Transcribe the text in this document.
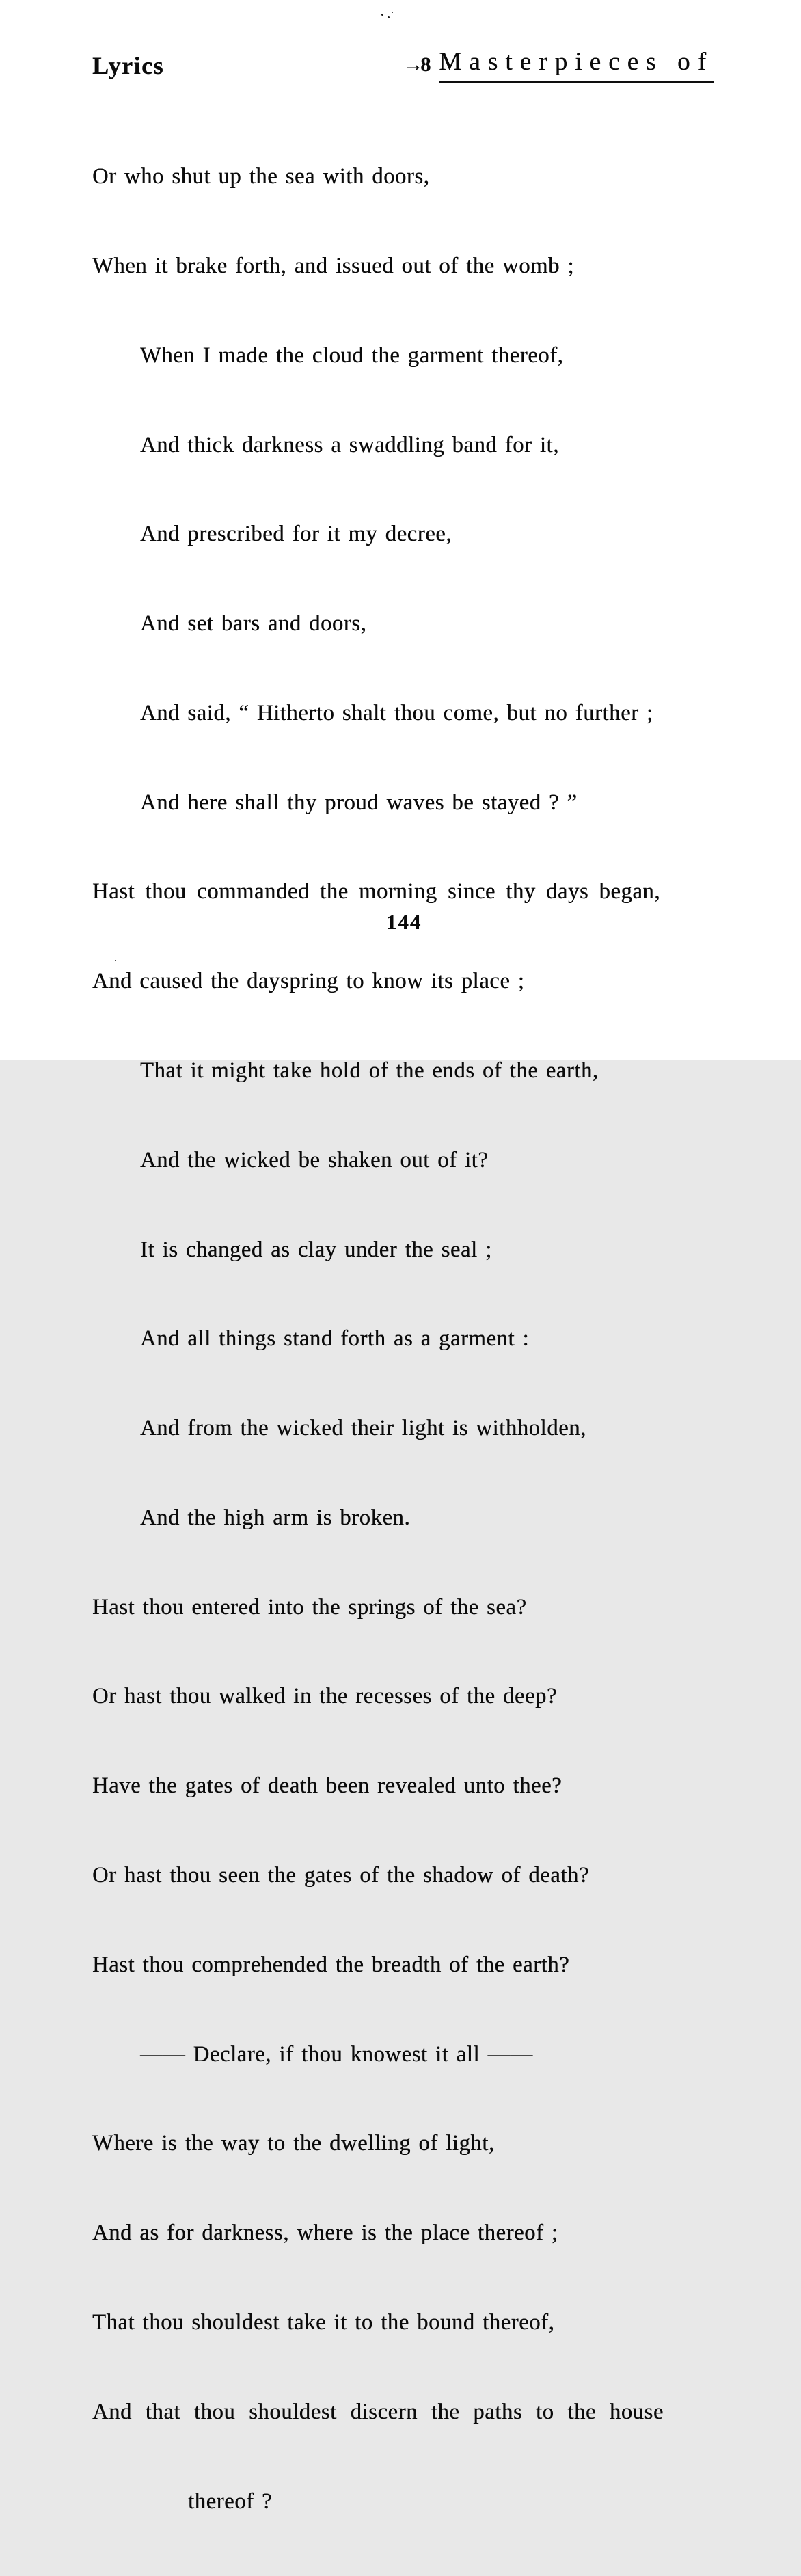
Lyrics	→8 Masterpieces of

Or who shut up the sea with doors,

When it brake forth, and issued out of the womb ;

When I made the cloud the garment thereof,

And thick darkness a swaddling band for it,

And prescribed for it my decree,

And set bars and doors,

And said, “ Hitherto shalt thou come, but no further ;

And here shall thy proud waves be stayed ? ”

Hast thou commanded the morning since thy days began,

And caused the dayspring to know its place ;

That it might take hold of the ends of the earth,

And the wicked be shaken out of it?

It is changed as clay under the seal ;

And all things stand forth as a garment :

And from the wicked their light is withholden,

And the high arm is broken.

Hast thou entered into the springs of the sea?

Or hast thou walked in the recesses of the deep?

Have the gates of death been revealed unto thee?

Or hast thou seen the gates of the shadow of death?

Hast thou comprehended the breadth of the earth?

—— Declare, if thou knowest it all ——

Where is the way to the dwelling of light,

And as for darkness, where is the place thereof ;

That thou shouldest take it to the bound thereof,

And that thou shouldest discern the paths to the house

thereof ?

144
